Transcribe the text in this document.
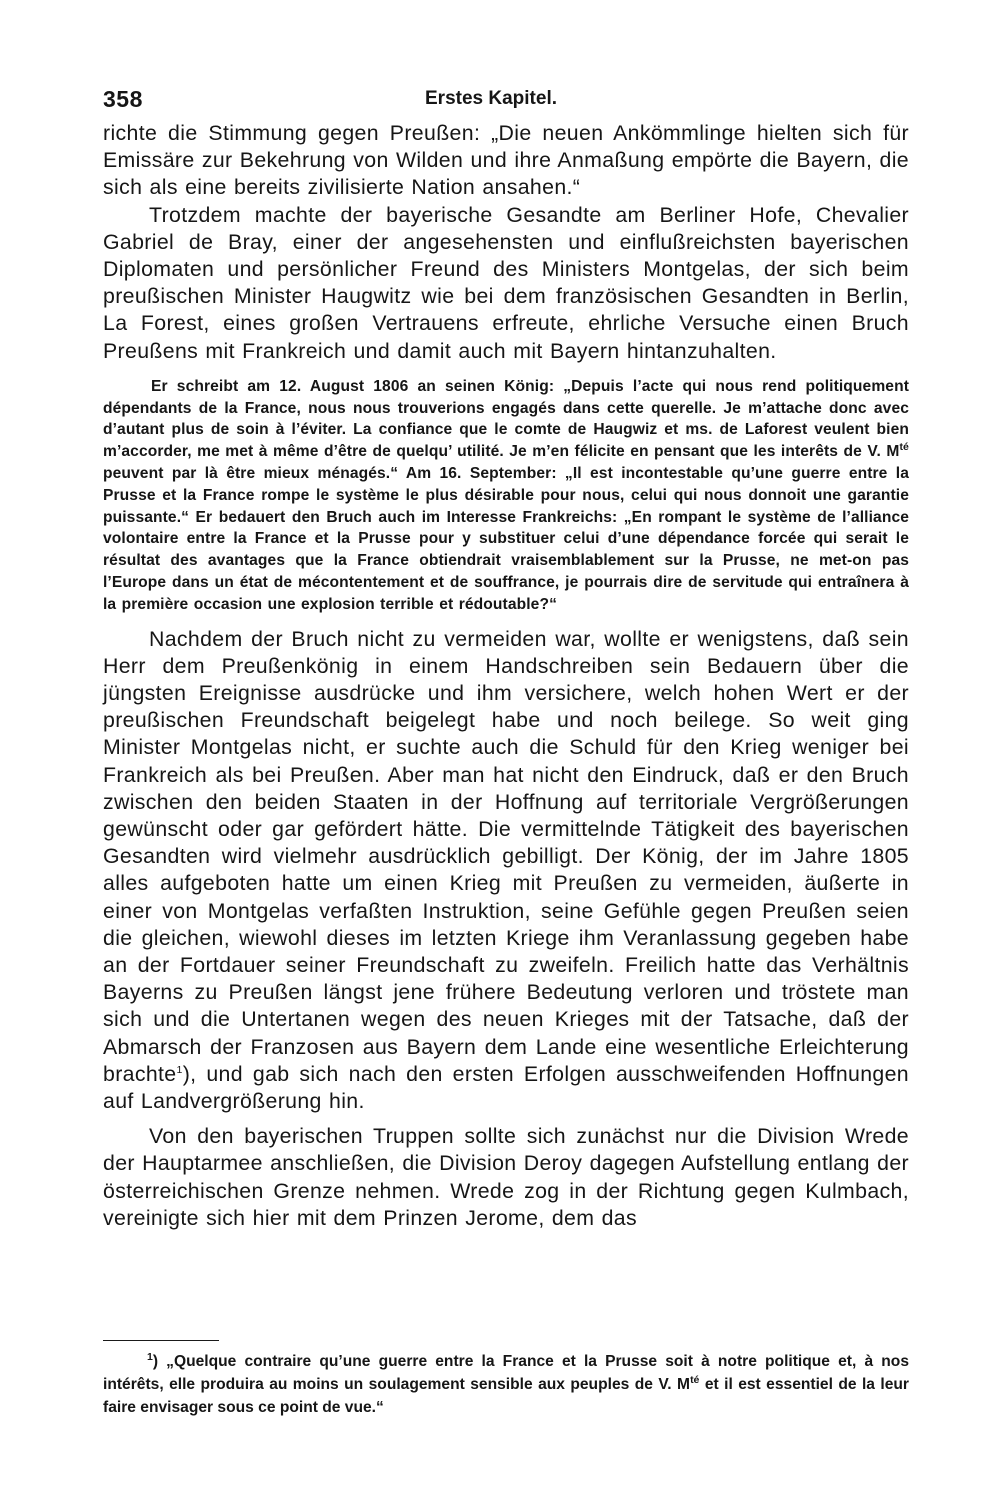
358	Erstes Kapitel.

richte die Stimmung gegen Preußen: „Die neuen Ankömmlinge hielten sich für Emissäre zur Bekehrung von Wilden und ihre Anmaßung empörte die Bayern, die sich als eine bereits zivilisierte Nation ansahen.“

Trotzdem machte der bayerische Gesandte am Berliner Hofe, Chevalier Gabriel de Bray, einer der angesehensten und einflußreichsten bayerischen Diplomaten und persönlicher Freund des Ministers Montgelas, der sich beim preußischen Minister Haugwitz wie bei dem französischen Gesandten in Berlin, La Forest, eines großen Vertrauens erfreute, ehrliche Versuche einen Bruch Preußens mit Frankreich und damit auch mit Bayern hintanzuhalten.

Er schreibt am 12. August 1806 an seinen König: „Depuis l’acte qui nous rend politiquement dépendants de la France, nous nous trouverions engagés dans cette querelle. Je m’attache donc avec d’autant plus de soin à l’éviter. La confiance que le comte de Haugwiz et ms. de Laforest veulent bien m’accorder, me met à même d’être de quelqu’ utilité. Je m’en félicite en pensant que les interêts de V. $M^{té}$ peuvent par là être mieux ménagés.“ Am 16. September: „Il est incontestable qu’une guerre entre la Prusse et la France rompe le système le plus désirable pour nous, celui qui nous donnoit une garantie puissante.“ Er bedauert den Bruch auch im Interesse Frankreichs: „En rompant le système de l’alliance volontaire entre la France et la Prusse pour y substituer celui d’une dépendance forcée qui serait le résultat des avantages que la France obtiendrait vraisemblablement sur la Prusse, ne met-on pas l’Europe dans un état de mécontentement et de souffrance, je pourrais dire de servitude qui entraînera à la première occasion une explosion terrible et rédoutable?“

Nachdem der Bruch nicht zu vermeiden war, wollte er wenigstens, daß sein Herr dem Preußenkönig in einem Handschreiben sein Bedauern über die jüngsten Ereignisse ausdrücke und ihm versichere, welch hohen Wert er der preußischen Freundschaft beigelegt habe und noch beilege. So weit ging Minister Montgelas nicht, er suchte auch die Schuld für den Krieg weniger bei Frankreich als bei Preußen. Aber man hat nicht den Eindruck, daß er den Bruch zwischen den beiden Staaten in der Hoffnung auf territoriale Vergrößerungen gewünscht oder gar gefördert hätte. Die vermittelnde Tätigkeit des bayerischen Gesandten wird vielmehr ausdrücklich gebilligt. Der König, der im Jahre 1805 alles aufgeboten hatte um einen Krieg mit Preußen zu vermeiden, äußerte in einer von Montgelas verfaßten Instruktion, seine Gefühle gegen Preußen seien die gleichen, wiewohl dieses im letzten Kriege ihm Veranlassung gegeben habe an der Fortdauer seiner Freundschaft zu zweifeln. Freilich hatte das Verhältnis Bayerns zu Preußen längst jene frühere Bedeutung verloren und tröstete man sich und die Untertanen wegen des neuen Krieges mit der Tatsache, daß der Abmarsch der Franzosen aus Bayern dem Lande eine wesentliche Erleichterung brachte$^1$), und gab sich nach den ersten Erfolgen ausschweifenden Hoffnungen auf Landvergrößerung hin.

Von den bayerischen Truppen sollte sich zunächst nur die Division Wrede der Hauptarmee anschließen, die Division Deroy dagegen Aufstellung entlang der österreichischen Grenze nehmen. Wrede zog in der Richtung gegen Kulmbach, vereinigte sich hier mit dem Prinzen Jerome, dem das

$^1$) „Quelque contraire qu’une guerre entre la France et la Prusse soit à notre politique et, à nos intérêts, elle produira au moins un soulagement sensible aux peuples de V. $M^{té}$ et il est essentiel de la leur faire envisager sous ce point de vue.“
